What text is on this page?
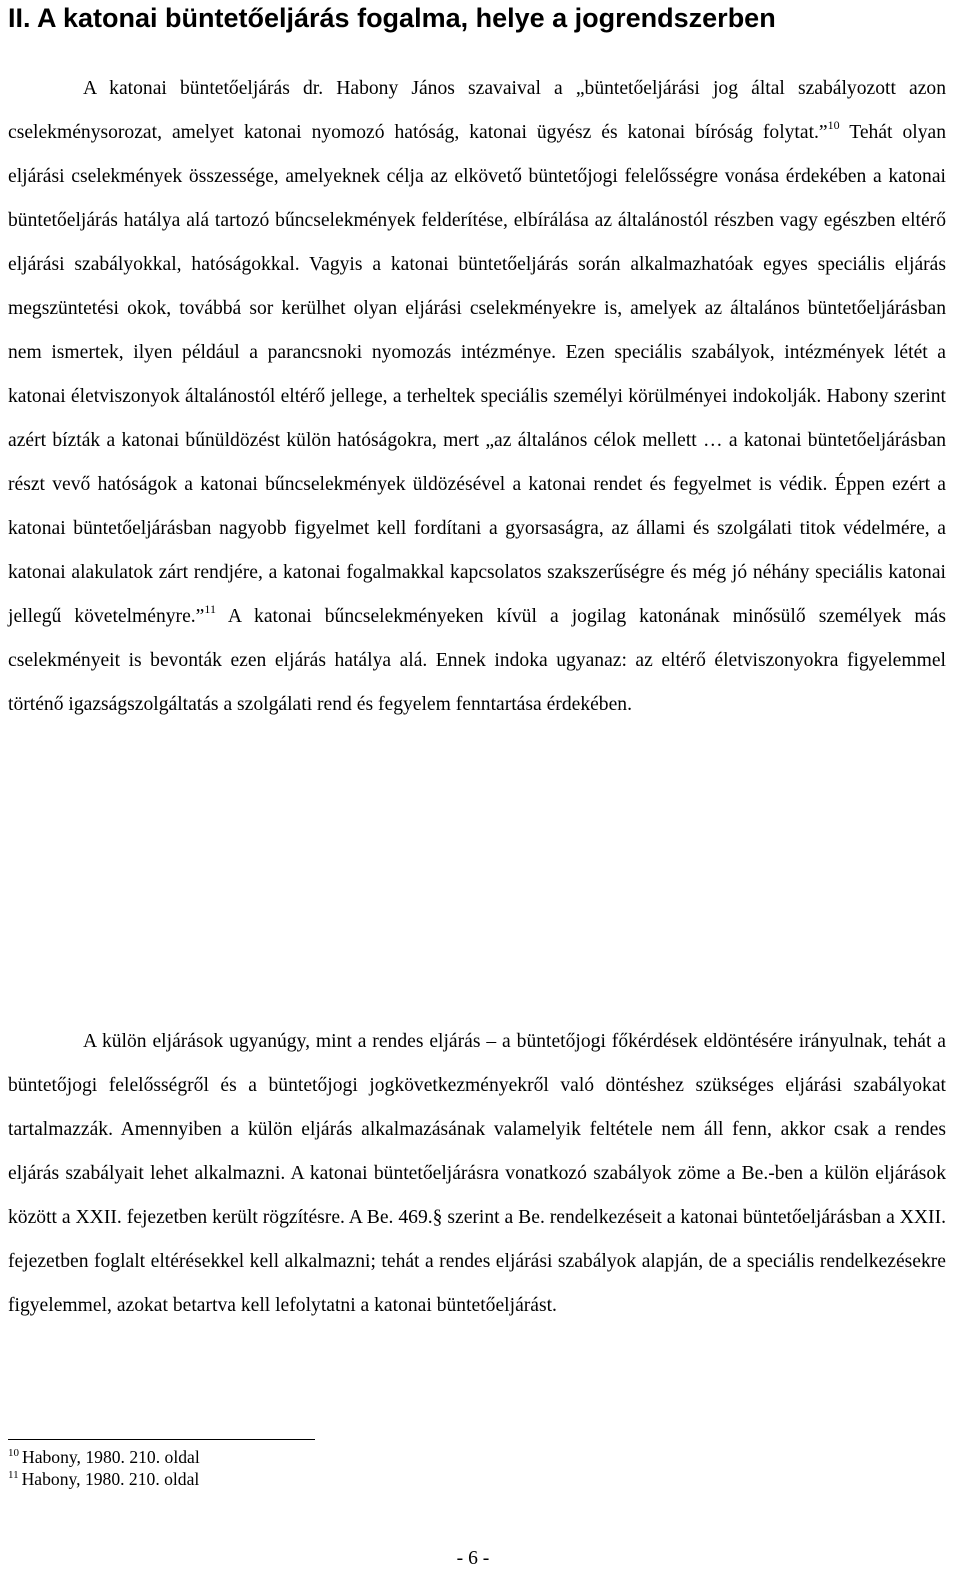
II. A katonai büntetőeljárás fogalma, helye a jogrendszerben

A katonai büntetőeljárás dr. Habony János szavaival a „büntetőeljárási jog által szabályozott azon cselekménysorozat, amelyet katonai nyomozó hatóság, katonai ügyész és katonai bíróság folytat.”$^{10}$ Tehát olyan eljárási cselekmények összessége, amelyeknek célja az elkövető büntetőjogi felelősségre vonása érdekében a katonai büntetőeljárás hatálya alá tartozó bűncselekmények felderítése, elbírálása az általánostól részben vagy egészben eltérő eljárási szabályokkal, hatóságokkal. Vagyis a katonai büntetőeljárás során alkalmazhatóak egyes speciális eljárás megszüntetési okok, továbbá sor kerülhet olyan eljárási cselekményekre is, amelyek az általános büntetőeljárásban nem ismertek, ilyen például a parancsnoki nyomozás intézménye. Ezen speciális szabályok, intézmények létét a katonai életviszonyok általánostól eltérő jellege, a terheltek speciális személyi körülményei indokolják. Habony szerint azért bízták a katonai bűnüldözést külön hatóságokra, mert „az általános célok mellett … a katonai büntetőeljárásban részt vevő hatóságok a katonai bűncselekmények üldözésével a katonai rendet és fegyelmet is védik. Éppen ezért a katonai büntetőeljárásban nagyobb figyelmet kell fordítani a gyorsaságra, az állami és szolgálati titok védelmére, a katonai alakulatok zárt rendjére, a katonai fogalmakkal kapcsolatos szakszerűségre és még jó néhány speciális katonai jellegű követelményre.”$^{11}$ A katonai bűncselekményeken kívül a jogilag katonának minősülő személyek más cselekményeit is bevonták ezen eljárás hatálya alá. Ennek indoka ugyanaz: az eltérő életviszonyokra figyelemmel történő igazságszolgáltatás a szolgálati rend és fegyelem fenntartása érdekében.

A külön eljárások ugyanúgy, mint a rendes eljárás – a büntetőjogi főkérdések eldöntésére irányulnak, tehát a büntetőjogi felelősségről és a büntetőjogi jogkövetkezményekről való döntéshez szükséges eljárási szabályokat tartalmazzák. Amennyiben a külön eljárás alkalmazásának valamelyik feltétele nem áll fenn, akkor csak a rendes eljárás szabályait lehet alkalmazni. A katonai büntetőeljárásra vonatkozó szabályok zöme a Be.-ben a külön eljárások között a XXII. fejezetben került rögzítésre. A Be. 469.§ szerint a Be. rendelkezéseit a katonai büntetőeljárásban a XXII. fejezetben foglalt eltérésekkel kell alkalmazni; tehát a rendes eljárási szabályok alapján, de a speciális rendelkezésekre figyelemmel, azokat betartva kell lefolytatni a katonai büntetőeljárást.

$^{10}$ Habony, 1980. 210. oldal
$^{11}$ Habony, 1980. 210. oldal
- 6 -
